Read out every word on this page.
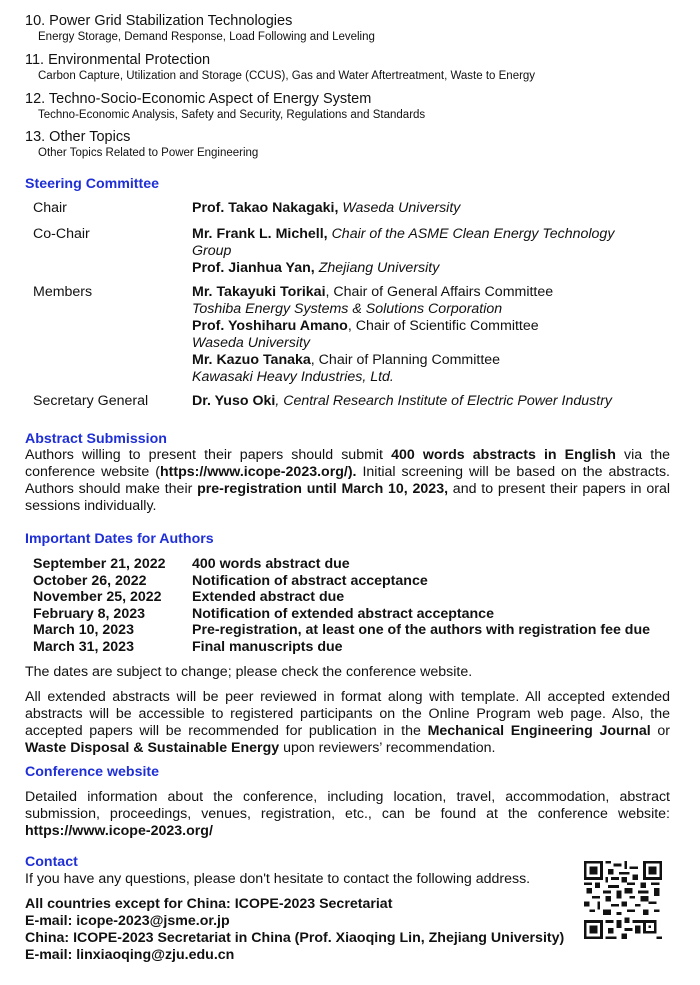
10. Power Grid Stabilization Technologies
Energy Storage, Demand Response, Load Following and Leveling
11. Environmental Protection
Carbon Capture, Utilization and Storage (CCUS), Gas and Water Aftertreatment, Waste to Energy
12. Techno-Socio-Economic Aspect of Energy System
Techno-Economic Analysis, Safety and Security, Regulations and Standards
13. Other Topics
Other Topics Related to Power Engineering
Steering Committee
Chair	Prof. Takao Nakagaki, Waseda University
Co-Chair	Mr. Frank L. Michell, Chair of the ASME Clean Energy Technology
Group
Prof. Jianhua Yan, Zhejiang University
Members	Mr. Takayuki Torikai, Chair of General Affairs Committee
Toshiba Energy Systems & Solutions Corporation
Prof. Yoshiharu Amano, Chair of Scientific Committee
Waseda University
Mr. Kazuo Tanaka, Chair of Planning Committee
Kawasaki Heavy Industries, Ltd.
Secretary General	Dr. Yuso Oki, Central Research Institute of Electric Power Industry
Abstract Submission
Authors willing to present their papers should submit 400 words abstracts in English via the
conference website (https://www.icope-2023.org/). Initial screening will be based on the abstracts.
Authors should make their pre-registration until March 10, 2023, and to present their papers in oral
sessions individually.
Important Dates for Authors
September 21, 2022	400 words abstract due
October 26, 2022	Notification of abstract acceptance
November 25, 2022	Extended abstract due
February 8, 2023	Notification of extended abstract acceptance
March 10, 2023	Pre-registration, at least one of the authors with registration fee due
March 31, 2023	Final manuscripts due
The dates are subject to change; please check the conference website.
All extended abstracts will be peer reviewed in format along with template. All accepted extended
abstracts will be accessible to registered participants on the Online Program web page. Also, the
accepted papers will be recommended for publication in the Mechanical Engineering Journal or
Waste Disposal & Sustainable Energy upon reviewers’ recommendation.
Conference website
Detailed information about the conference, including location, travel, accommodation, abstract
submission, proceedings, venues, registration, etc., can be found at the conference website:
https://www.icope-2023.org/
Contact
If you have any questions, please don't hesitate to contact the following address.
All countries except for China: ICOPE-2023 Secretariat
E-mail: icope-2023@jsme.or.jp
China: ICOPE-2023 Secretariat in China (Prof. Xiaoqing Lin, Zhejiang University)
E-mail: linxiaoqing@zju.edu.cn
